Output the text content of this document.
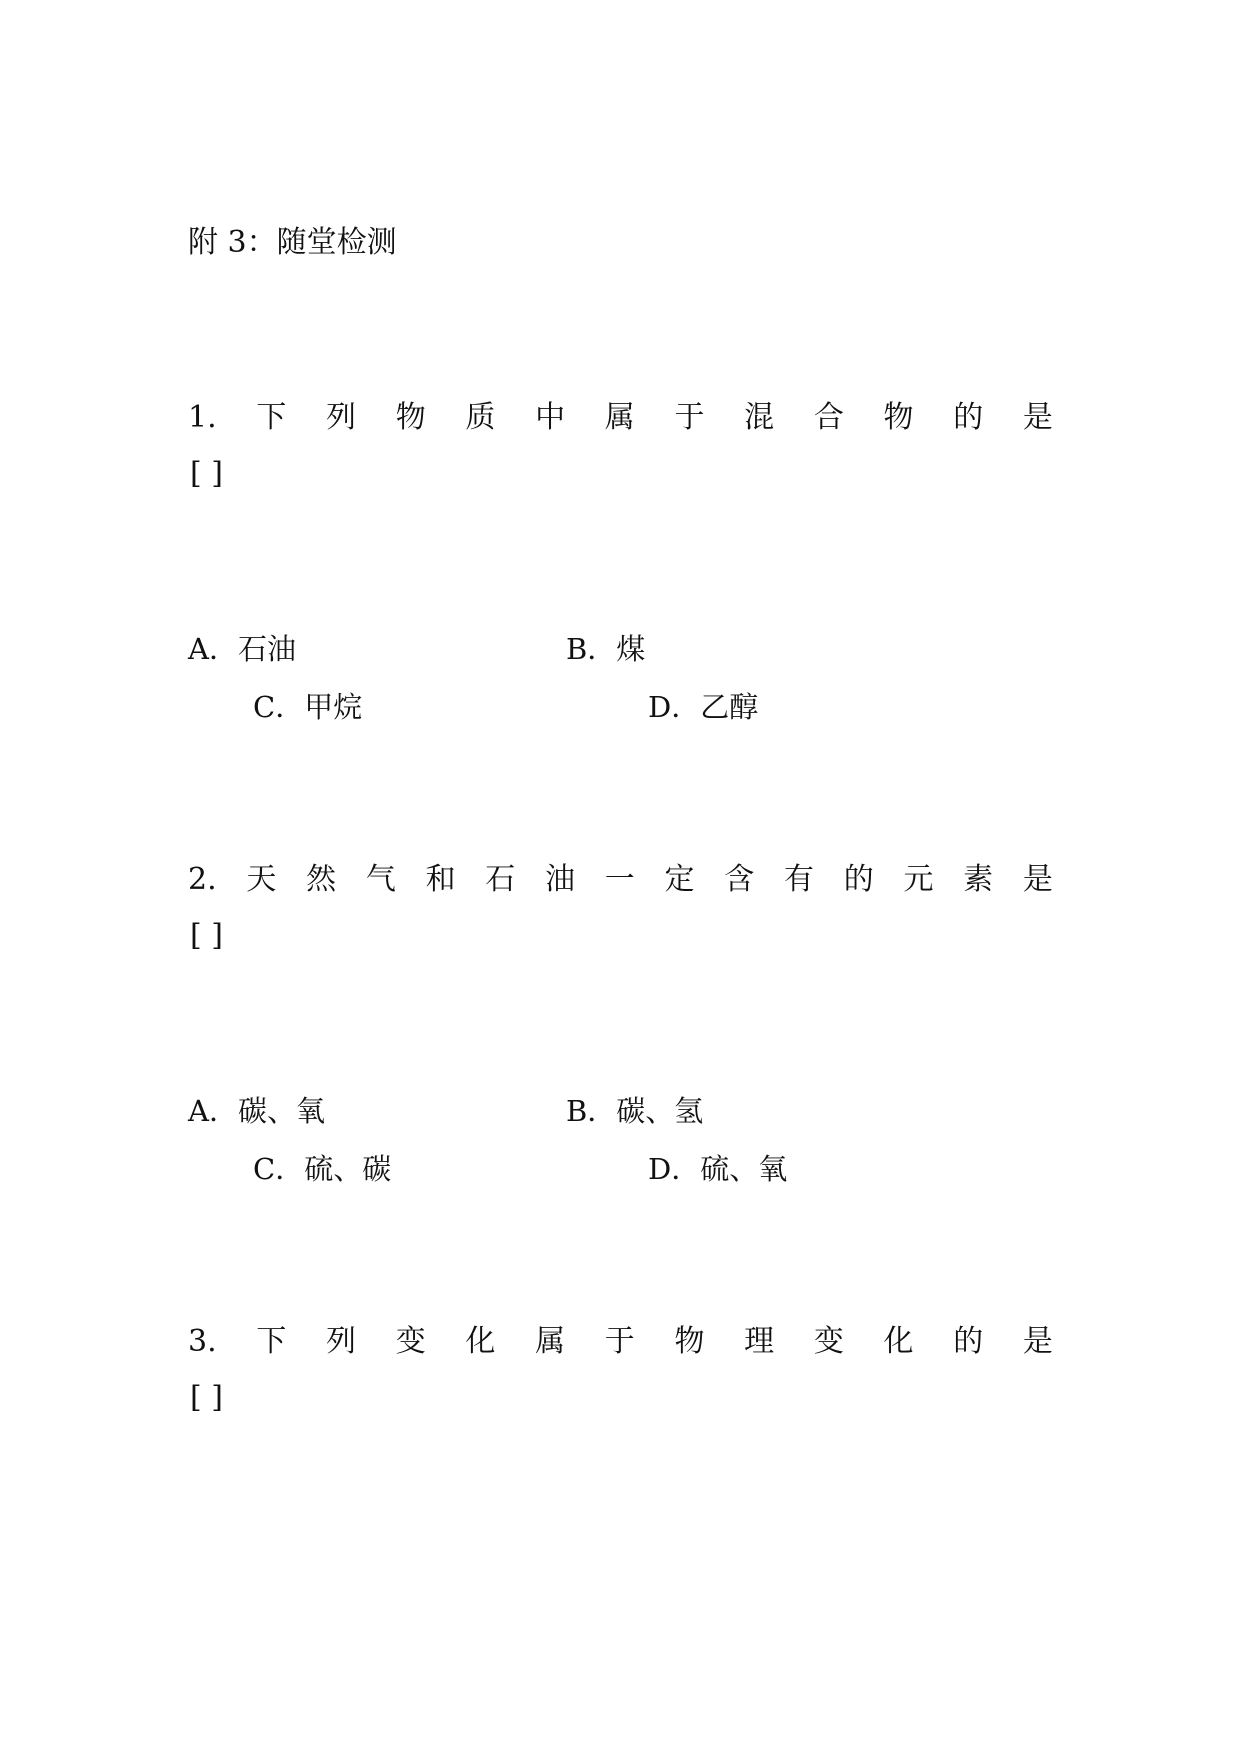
附 3：随堂检测
1. 下 列 物 质 中 属 于 混 合 物 的 是
[ ]
A．石油	B．煤
C．甲烷	D．乙醇
2. 天 然 气 和 石 油 一 定 含 有 的 元 素 是
[ ]
A．碳、氧	B．碳、氢
C．硫、碳	D．硫、氧
3. 下 列 变 化 属 于 物 理 变 化 的 是
[ ]
